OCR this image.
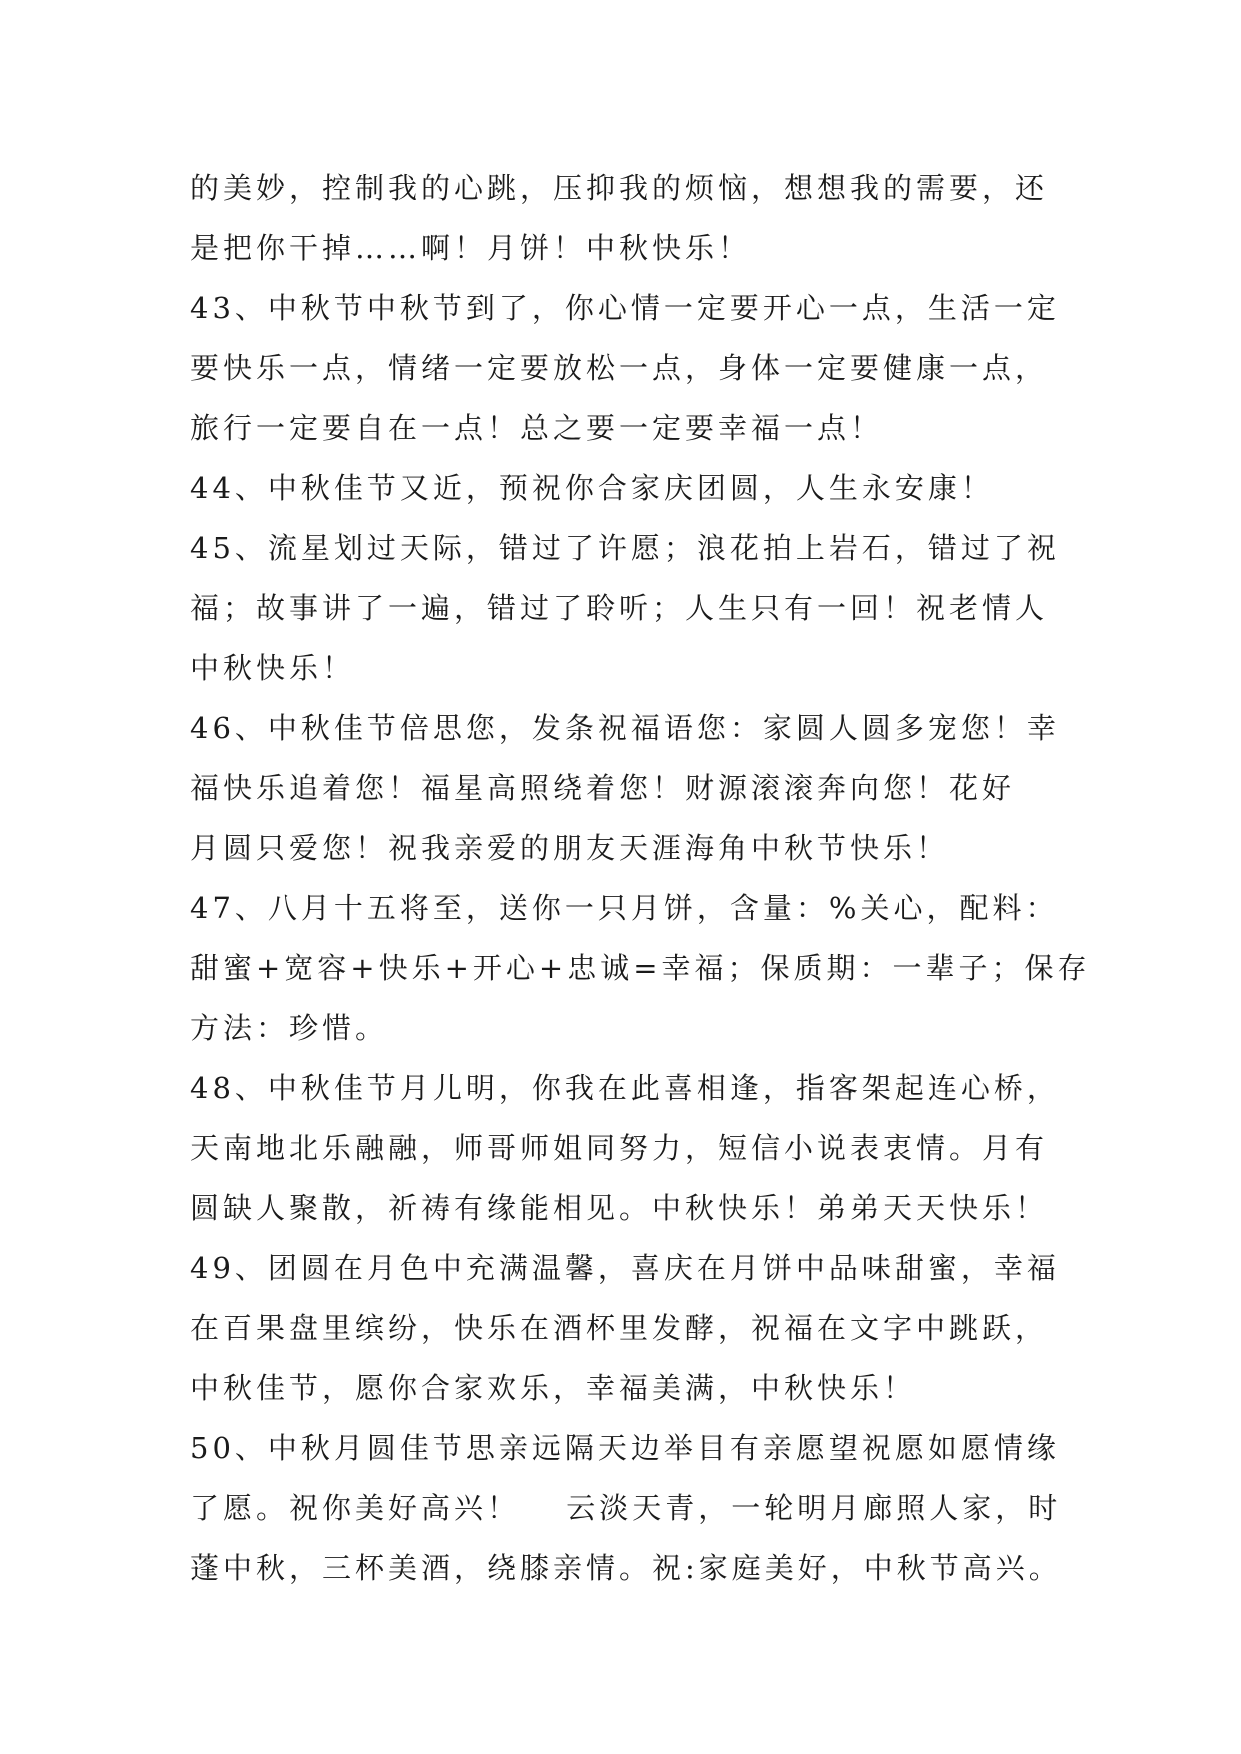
的美妙，控制我的心跳，压抑我的烦恼，想想我的需要，还
是把你干掉……啊！月饼！中秋快乐！
43、中秋节中秋节到了，你心情一定要开心一点，生活一定
要快乐一点，情绪一定要放松一点，身体一定要健康一点，
旅行一定要自在一点！总之要一定要幸福一点！
44、中秋佳节又近，预祝你合家庆团圆，人生永安康！
45、流星划过天际，错过了许愿；浪花拍上岩石，错过了祝
福；故事讲了一遍，错过了聆听；人生只有一回！祝老情人
中秋快乐！
46、中秋佳节倍思您，发条祝福语您：家圆人圆多宠您！幸
福快乐追着您！福星高照绕着您！财源滚滚奔向您！花好
月圆只爱您！祝我亲爱的朋友天涯海角中秋节快乐！
47、八月十五将至，送你一只月饼，含量：%关心，配料：
甜蜜+宽容+快乐+开心+忠诚=幸福；保质期：一辈子；保存
方法：珍惜。
48、中秋佳节月儿明，你我在此喜相逢，指客架起连心桥，
天南地北乐融融，师哥师姐同努力，短信小说表衷情。月有
圆缺人聚散，祈祷有缘能相见。中秋快乐！弟弟天天快乐！
49、团圆在月色中充满温馨，喜庆在月饼中品味甜蜜，幸福
在百果盘里缤纷，快乐在酒杯里发酵，祝福在文字中跳跃，
中秋佳节，愿你合家欢乐，幸福美满，中秋快乐！
50、中秋月圆佳节思亲远隔天边举目有亲愿望祝愿如愿情缘
了愿。祝你美好高兴！　 云淡天青，一轮明月廊照人家，时
蓬中秋，三杯美酒，绕膝亲情。祝:家庭美好，中秋节高兴。
